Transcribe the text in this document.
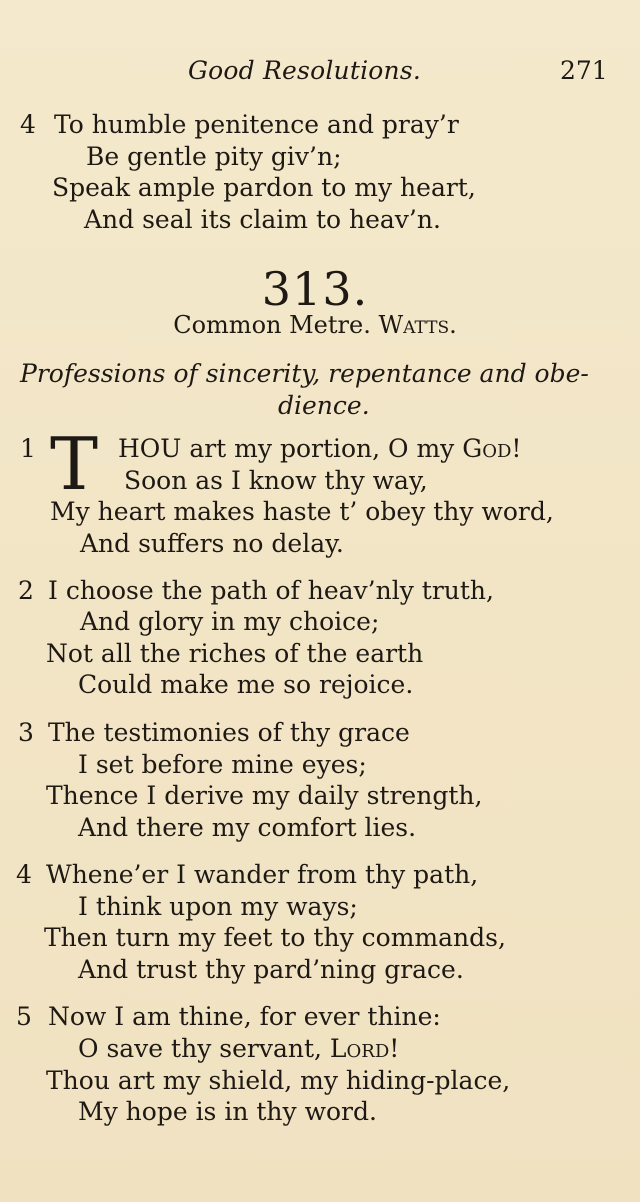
Good Resolutions.	271
4 To humble penitence and pray’r
Be gentle pity giv’n;
Speak ample pardon to my heart,
And seal its claim to heav’n.
313.
Common Metre. Watts.
Professions of sincerity, repentance and obe-
dience.
1 T HOU art my portion, O my God!
Soon as I know thy way,
My heart makes haste t’ obey thy word,
And suffers no delay.
2 I choose the path of heav’nly truth,
And glory in my choice;
Not all the riches of the earth
Could make me so rejoice.
3 The testimonies of thy grace
I set before mine eyes;
Thence I derive my daily strength,
And there my comfort lies.
4 Whene’er I wander from thy path,
I think upon my ways;
Then turn my feet to thy commands,
And trust thy pard’ning grace.
5 Now I am thine, for ever thine:
O save thy servant, Lord!
Thou art my shield, my hiding-place,
My hope is in thy word.
